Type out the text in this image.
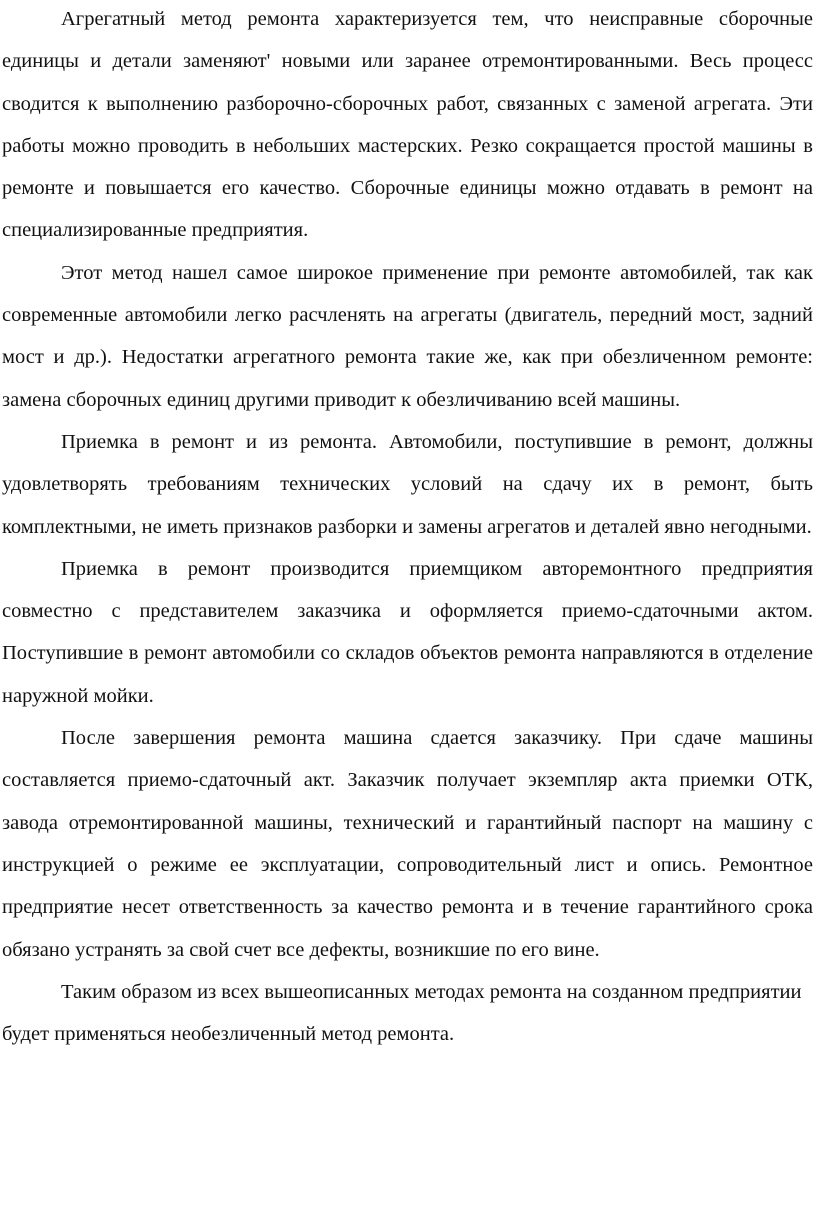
Агрегатный метод ремонта характеризуется тем, что неисправные сборочные единицы и детали заменяют' новыми или заранее отремонтированными. Весь процесс сводится к выполнению разборочно-сборочных работ, связанных с заменой агрегата. Эти работы можно проводить в небольших мастерских. Резко сокращается простой машины в ремонте и повышается его качество. Сборочные единицы можно отдавать в ремонт на специализированные предприятия.

Этот метод нашел самое широкое применение при ремонте автомобилей, так как современные автомобили легко расчленять на агрегаты (двигатель, передний мост, задний мост и др.). Недостатки агрегатного ремонта такие же, как при обезличенном ремонте: замена сборочных единиц другими приводит к обезличиванию всей машины.

Приемка в ремонт и из ремонта. Автомобили, поступившие в ремонт, должны удовлетворять требованиям технических условий на сдачу их в ремонт, быть комплектными, не иметь признаков разборки и замены агрегатов и деталей явно негодными.

Приемка в ремонт производится приемщиком авторемонтного предприятия совместно с представителем заказчика и оформляется приемо-сдаточными актом. Поступившие в ремонт автомобили со складов объектов ремонта направляются в отделение наружной мойки.

После завершения ремонта машина сдается заказчику. При сдаче машины составляется приемо-сдаточный акт. Заказчик получает экземпляр акта приемки ОТК, завода отремонтированной машины, технический и гарантийный паспорт на машину с инструкцией о режиме ее эксплуатации, сопроводительный лист и опись. Ремонтное предприятие несет ответственность за качество ремонта и в течение гарантийного срока обязано устранять за свой счет все дефекты, возникшие по его вине.

Таким образом из всех вышеописанных методах ремонта на созданном предприятии будет применяться необезличенный метод ремонта.
